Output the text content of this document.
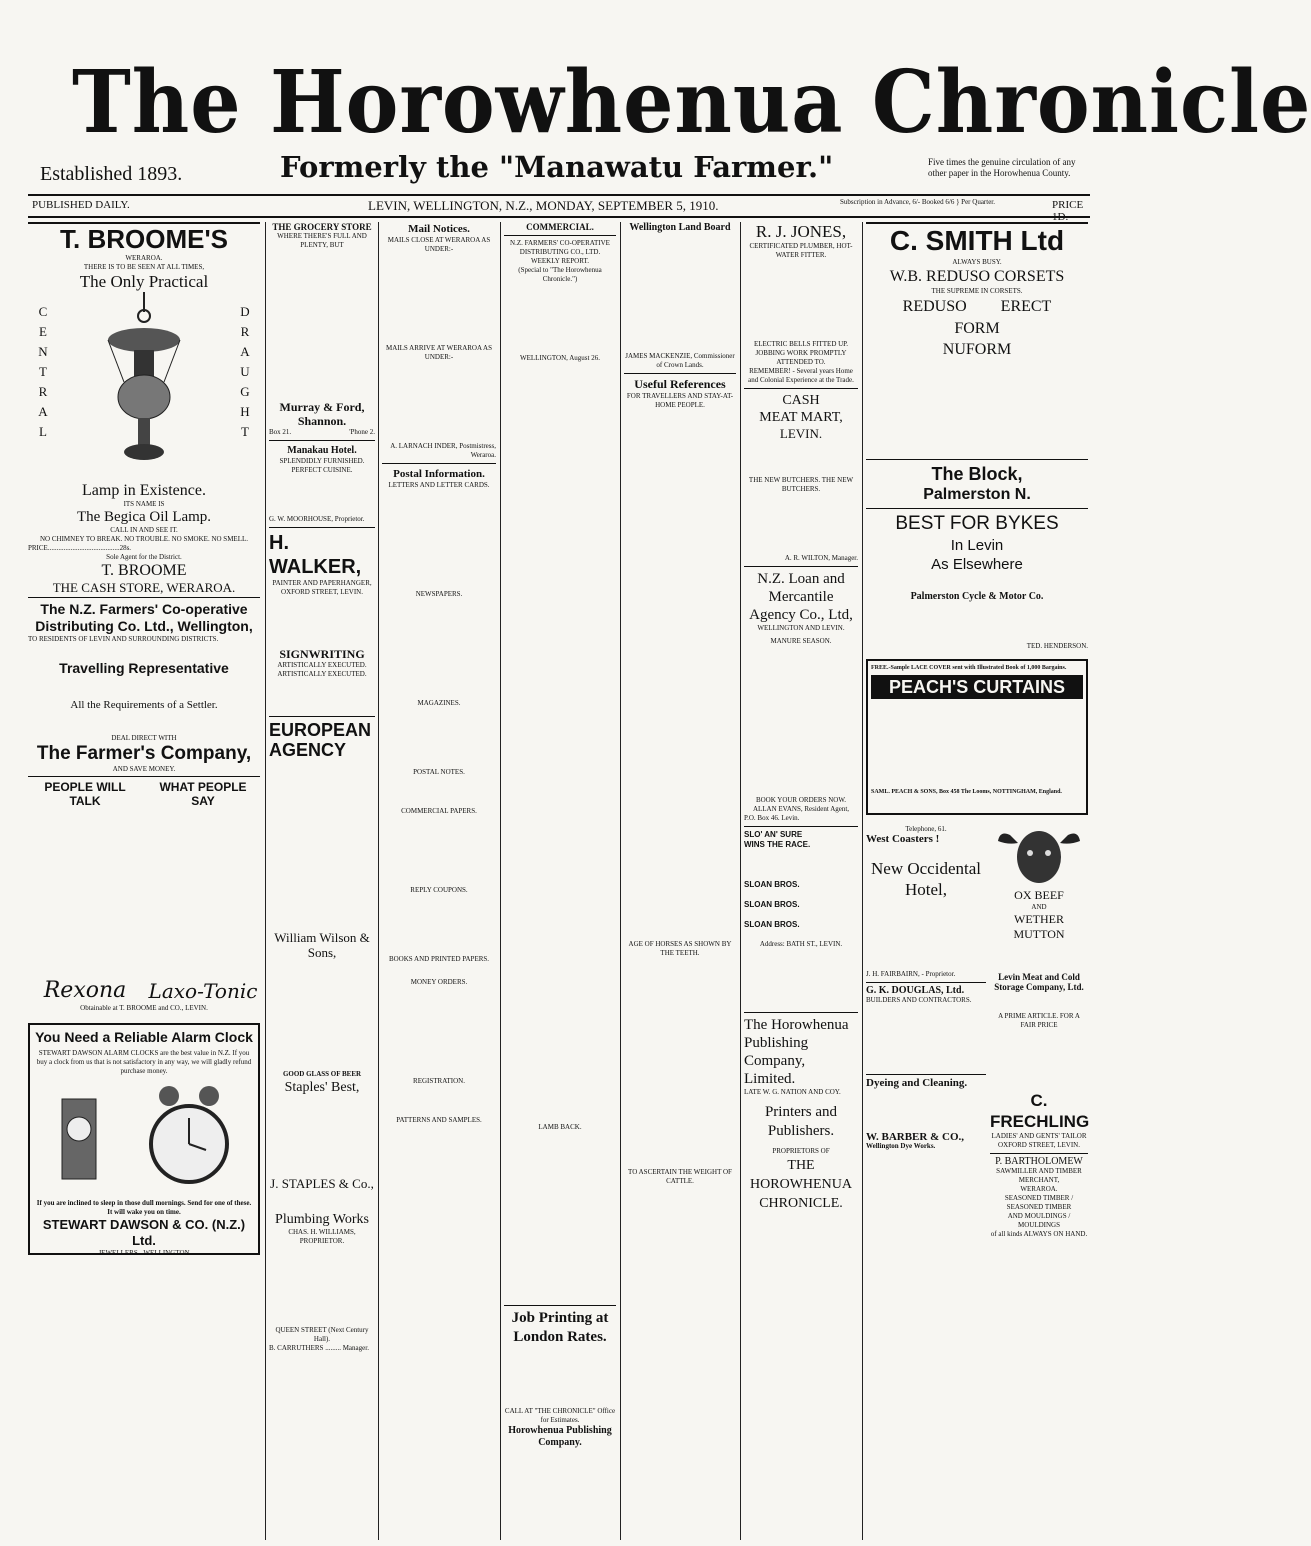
The Horowhenua Chronicle
Established 1893.	Formerly the "Manawatu Farmer."	Five times the genuine circulation of any other paper in the Horowhenua County.
PUBLISHED DAILY.	LEVIN, WELLINGTON, N.Z., MONDAY, SEPTEMBER 5, 1910.	Subscription in Advance, 6/- Booked 6/6 } Per Quarter.	PRICE 1D.
T. BROOME'S
WERAROA.
THERE IS TO BE SEEN AT ALL TIMES,
The Only Practical
CENTRAL
DRAUGHT
Lamp in Existence.
ITS NAME IS
The Begica Oil Lamp.
CALL IN AND SEE IT.
NO CHIMNEY TO BREAK. NO TROUBLE. NO SMOKE. NO SMELL.
PRICE.........................................28s.
Sole Agent for the District.
T. BROOME
THE CASH STORE, WERAROA.
The N.Z. Farmers' Co-operative Distributing Co. Ltd., Wellington,
TO RESIDENTS OF LEVIN AND SURROUNDING DISTRICTS.
Travelling Representative
All the Requirements of a Settler.
DEAL DIRECT WITH
The Farmer's Company,
AND SAVE MONEY.
PEOPLE WILL TALK
Rexona
WHAT PEOPLE SAY
Laxo-Tonic
Obtainable at T. BROOME and CO., LEVIN.
You Need a Reliable Alarm Clock
STEWART DAWSON ALARM CLOCKS are the best value in N.Z. If you buy a clock from us that is not satisfactory in any way, we will gladly refund purchase money.
If you are inclined to sleep in those dull mornings. Send for one of these. It will wake you on time.
STEWART DAWSON & CO. (N.Z.) Ltd.
JEWELLERS - WELLINGTON
THE GROCERY STORE
WHERE THERE'S FULL AND PLENTY, BUT
Murray & Ford, Shannon.
Box 21.	'Phone 2.
Manakau Hotel.
SPLENDIDLY FURNISHED. PERFECT CUISINE.
G. W. MOORHOUSE, Proprietor.
H. WALKER,
PAINTER AND PAPERHANGER, OXFORD STREET, LEVIN.
SIGNWRITING
ARTISTICALLY EXECUTED. ARTISTICALLY EXECUTED.
EUROPEAN AGENCY
William Wilson & Sons,
GOOD GLASS OF BEER
Staples' Best,
J. STAPLES & Co.,
Plumbing Works
CHAS. H. WILLIAMS, PROPRIETOR.
QUEEN STREET (Next Century Hall).
B. CARRUTHERS ......... Manager.
Mail Notices.
MAILS CLOSE AT WERAROA AS UNDER:-
MAILS ARRIVE AT WERAROA AS UNDER:-
A. LARNACH INDER, Postmistress, Weraroa.
Postal Information.
LETTERS AND LETTER CARDS.
NEWSPAPERS.
MAGAZINES.
POSTAL NOTES.
COMMERCIAL PAPERS.
REPLY COUPONS.
BOOKS AND PRINTED PAPERS.
MONEY ORDERS.
REGISTRATION.
PATTERNS AND SAMPLES.
COMMERCIAL.
N.Z. FARMERS' CO-OPERATIVE DISTRIBUTING CO., LTD.
WEEKLY REPORT.
(Special to "The Horowhenua Chronicle.")
WELLINGTON, August 26.
LAMB BACK.
Job Printing at London Rates.
CALL AT "THE CHRONICLE" Office for Estimates.
Horowhenua Publishing Company.
Wellington Land Board
JAMES MACKENZIE, Commissioner of Crown Lands.
Useful References
FOR TRAVELLERS AND STAY-AT-HOME PEOPLE.
AGE OF HORSES AS SHOWN BY THE TEETH.
TO ASCERTAIN THE WEIGHT OF CATTLE.
R. J. JONES,
CERTIFICATED PLUMBER, HOT-WATER FITTER.
ELECTRIC BELLS FITTED UP. JOBBING WORK PROMPTLY ATTENDED TO.
REMEMBER! - Several years Home and Colonial Experience at the Trade.
CASH
MEAT MART,
LEVIN.
THE NEW BUTCHERS. THE NEW BUTCHERS.
A. R. WILTON, Manager.
N.Z. Loan and Mercantile Agency Co., Ltd,
WELLINGTON AND LEVIN.
MANURE SEASON.
BOOK YOUR ORDERS NOW.
ALLAN EVANS, Resident Agent,
P.O. Box 46. Levin.
SLO' AN' SURE
WINS THE RACE.
SLOAN BROS.
SLOAN BROS.
SLOAN BROS.
Address: BATH ST., LEVIN.
The Horowhenua Publishing Company, Limited.
LATE W. G. NATION AND COY.
Printers and Publishers.
PROPRIETORS OF
THE HOROWHENUA CHRONICLE.
C. SMITH Ltd
ALWAYS BUSY.
W.B. REDUSO CORSETS
THE SUPREME IN CORSETS.
REDUSO ERECT FORM
NUFORM
The Block,
Palmerston N.
BEST FOR BYKES
In Levin
As Elsewhere
Palmerston Cycle & Motor Co.
TED. HENDERSON.
FREE.-Sample LACE COVER sent with Illustrated Book of 1,000 Bargains.
PEACH'S CURTAINS
SAML. PEACH & SONS, Box 458 The Looms, NOTTINGHAM, England.
Telephone, 61.
West Coasters !
New Occidental Hotel,
J. H. FAIRBAIRN, - Proprietor.
G. K. DOUGLAS, Ltd.
BUILDERS AND CONTRACTORS.
Dyeing and Cleaning.
W. BARBER & CO.,
Wellington Dye Works.
OX BEEF
AND
WETHER
MUTTON
Levin Meat and Cold Storage Company, Ltd.
A PRIME ARTICLE. FOR A FAIR PRICE
C. FRECHLING
LADIES' AND GENTS' TAILOR OXFORD STREET, LEVIN.
P. BARTHOLOMEW
SAWMILLER AND TIMBER MERCHANT,
WERAROA.
SEASONED TIMBER / SEASONED TIMBER
AND MOULDINGS / MOULDINGS
of all kinds ALWAYS ON HAND.
